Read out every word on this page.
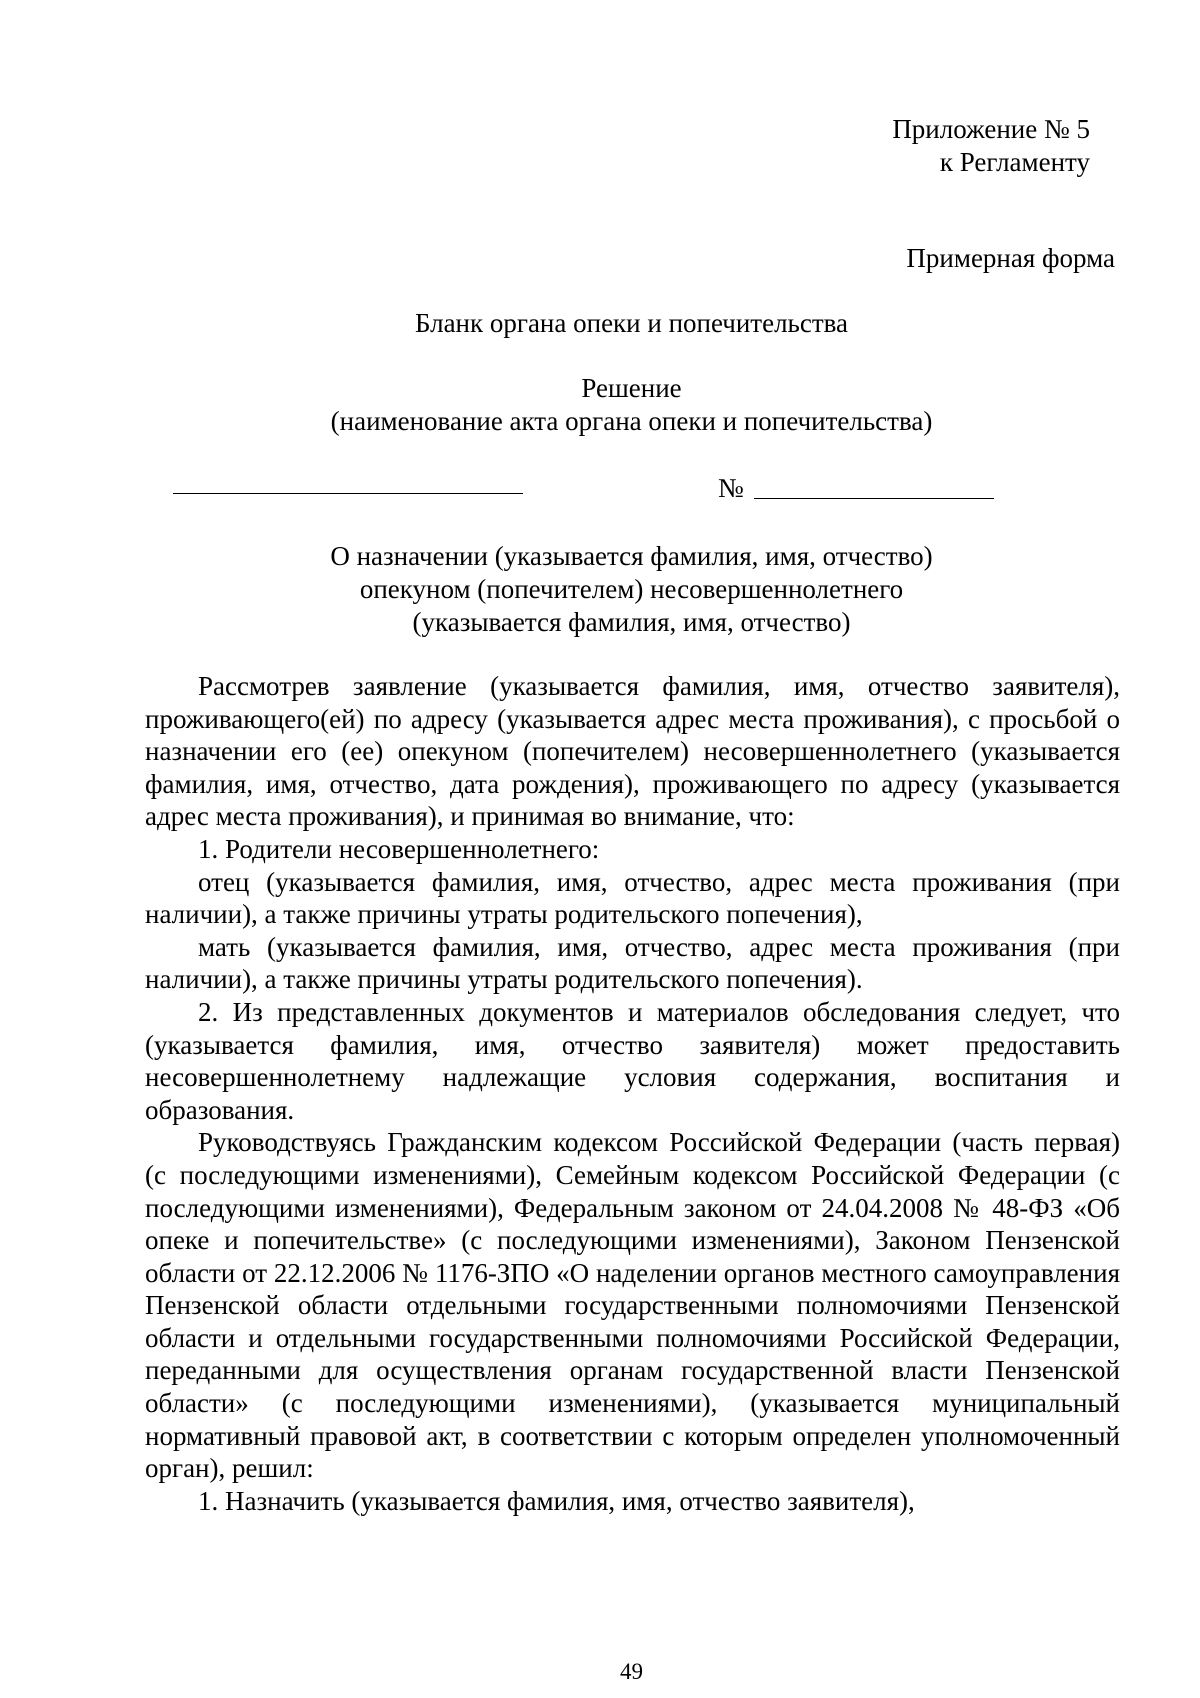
Приложение № 5
к Регламенту
Примерная форма
Бланк органа опеки и попечительства
Решение
(наименование акта органа опеки и попечительства)
№
О назначении (указывается фамилия, имя, отчество)
опекуном (попечителем) несовершеннолетнего
(указывается фамилия, имя, отчество)

Рассмотрев заявление (указывается фамилия, имя, отчество заявителя), проживающего(ей) по адресу (указывается адрес места проживания), с просьбой о назначении его (ее) опекуном (попечителем) несовершеннолетнего (указывается фамилия, имя, отчество, дата рождения), проживающего по адресу (указывается адрес места проживания), и принимая во внимание, что:

1. Родители несовершеннолетнего:

отец (указывается фамилия, имя, отчество, адрес места проживания (при наличии), а также причины утраты родительского попечения),

мать (указывается фамилия, имя, отчество, адрес места проживания (при наличии), а также причины утраты родительского попечения).

2. Из представленных документов и материалов обследования следует, что (указывается фамилия, имя, отчество заявителя) может предоставить несовершеннолетнему надлежащие условия содержания, воспитания и образования.

Руководствуясь Гражданским кодексом Российской Федерации (часть первая) (с последующими изменениями), Семейным кодексом Российской Федерации (с последующими изменениями), Федеральным законом от 24.04.2008 № 48-ФЗ «Об опеке и попечительстве» (с последующими изменениями), Законом Пензенской области от 22.12.2006 № 1176-ЗПО «О наделении органов местного самоуправления Пензенской области отдельными государственными полномочиями Пензенской области и отдельными государственными полномочиями Российской Федерации, переданными для осуществления органам государственной власти Пензенской области» (с последующими изменениями), (указывается муниципальный нормативный правовой акт, в соответствии с которым определен уполномоченный орган), решил:

1. Назначить (указывается фамилия, имя, отчество заявителя),

49
